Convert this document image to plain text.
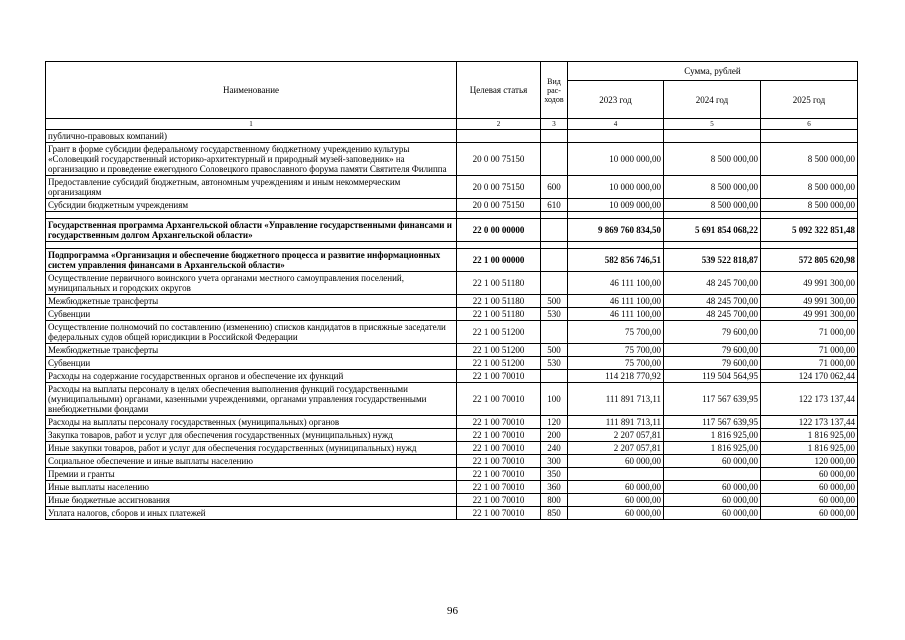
Наименование	Целевая статья	Вид рас-ходов	Сумма, рублей		
			2023 год	2024 год	2025 год
1	2	3	4	5	6
публично-правовых компаний)					
Грант в форме субсидии федеральному государственному бюджетному учреждению культуры «Соловецкий государственный историко-архитектурный и природный музей-заповедник» на организацию и проведение ежегодного Соловецкого православного форума памяти Святителя Филиппа	20 0 00 75150		10 000 000,00	8 500 000,00	8 500 000,00
Предоставление субсидий бюджетным, автономным учреждениям и иным некоммерческим организациям	20 0 00 75150	600	10 000 000,00	8 500 000,00	8 500 000,00
Субсидии бюджетным учреждениям	20 0 00 75150	610	10 009 000,00	8 500 000,00	8 500 000,00

Государственная программа Архангельской области «Управление государственными финансами и государственным долгом Архангельской области»	22 0 00 00000		9 869 760 834,50	5 691 854 068,22	5 092 322 851,48

Подпрограмма «Организация и обеспечение бюджетного процесса и развитие информационных систем управления финансами в Архангельской области»	22 1 00 00000		582 856 746,51	539 522 818,87	572 805 620,98
Осуществление первичного воинского учета органами местного самоуправления поселений, муниципальных и городских округов	22 1 00 51180		46 111 100,00	48 245 700,00	49 991 300,00
Межбюджетные трансферты	22 1 00 51180	500	46 111 100,00	48 245 700,00	49 991 300,00
Субвенции	22 1 00 51180	530	46 111 100,00	48 245 700,00	49 991 300,00
Осуществление полномочий по составлению (изменению) списков кандидатов в присяжные заседатели федеральных судов общей юрисдикции в Российской Федерации	22 1 00 51200		75 700,00	79 600,00	71 000,00
Межбюджетные трансферты	22 1 00 51200	500	75 700,00	79 600,00	71 000,00
Субвенции	22 1 00 51200	530	75 700,00	79 600,00	71 000,00
Расходы на содержание государственных органов и обеспечение их функций	22 1 00 70010		114 218 770,92	119 504 564,95	124 170 062,44
Расходы на выплаты персоналу в целях обеспечения выполнения функций государственными (муниципальными) органами, казенными учреждениями, органами управления государственными внебюджетными фондами	22 1 00 70010	100	111 891 713,11	117 567 639,95	122 173 137,44
Расходы на выплаты персоналу государственных (муниципальных) органов	22 1 00 70010	120	111 891 713,11	117 567 639,95	122 173 137,44
Закупка товаров, работ и услуг для обеспечения государственных (муниципальных) нужд	22 1 00 70010	200	2 207 057,81	1 816 925,00	1 816 925,00
Иные закупки товаров, работ и услуг для обеспечения государственных (муниципальных) нужд	22 1 00 70010	240	2 207 057,81	1 816 925,00	1 816 925,00
Социальное обеспечение и иные выплаты населению	22 1 00 70010	300	60 000,00	60 000,00	120 000,00
Премии и гранты	22 1 00 70010	350			60 000,00
Иные выплаты населению	22 1 00 70010	360	60 000,00	60 000,00	60 000,00
Иные бюджетные ассигнования	22 1 00 70010	800	60 000,00	60 000,00	60 000,00
Уплата налогов, сборов и иных платежей	22 1 00 70010	850	60 000,00	60 000,00	60 000,00
96
